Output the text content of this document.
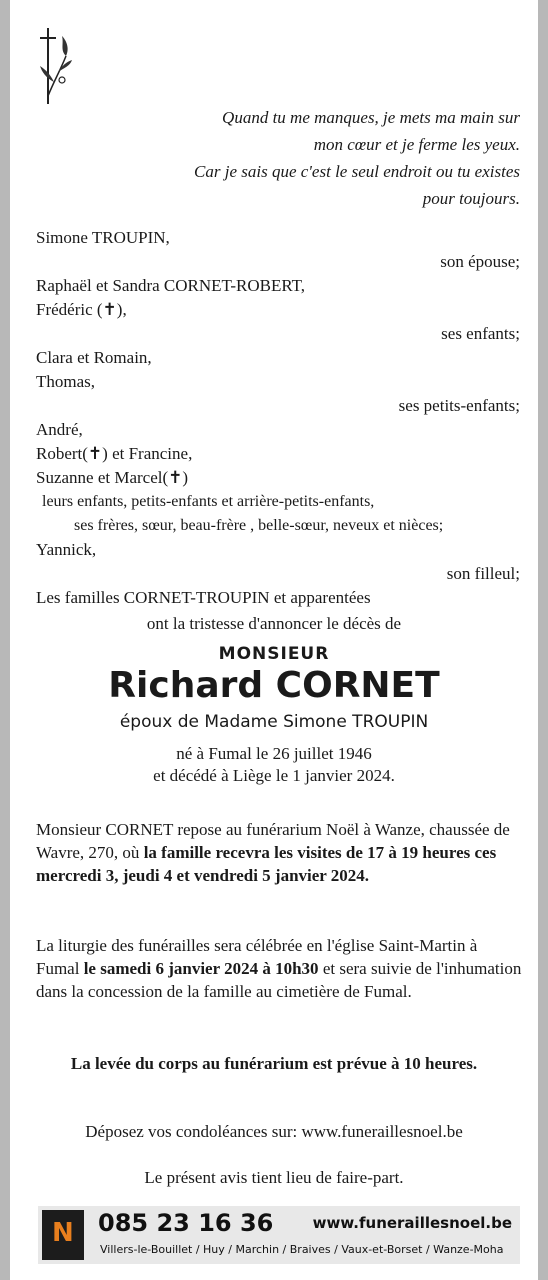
Quand tu me manques, je mets ma main sur
mon cœur et je ferme les yeux.
Car je sais que c'est le seul endroit ou tu existes
pour toujours.
Simone TROUPIN,
son épouse;
Raphaël et Sandra CORNET-ROBERT,
Frédéric (✝),
ses enfants;
Clara et Romain,
Thomas,
ses petits-enfants;
André,
Robert(✝) et Francine,
Suzanne et Marcel(✝)
leurs enfants, petits-enfants et arrière-petits-enfants,
ses frères, sœur, beau-frère , belle-sœur, neveux et nièces;
Yannick,
son filleul;
Les familles CORNET-TROUPIN et apparentées
ont la tristesse d'annoncer le décès de
MONSIEUR
Richard CORNET
époux de Madame Simone TROUPIN
né à Fumal le 26 juillet 1946
et décédé à Liège le 1 janvier 2024.
Monsieur CORNET repose au funérarium Noël à Wanze, chaussée de Wavre, 270, où la famille recevra les visites de 17 à 19 heures ces mercredi 3, jeudi 4 et vendredi 5 janvier 2024.
La liturgie des funérailles sera célébrée en l'église Saint-Martin à Fumal le samedi 6 janvier 2024 à 10h30 et sera suivie de l'inhumation dans la concession de la famille au cimetière de Fumal.
La levée du corps au funérarium est prévue à 10 heures.
Déposez vos condoléances sur: www.funeraillesnoel.be
Le présent avis tient lieu de faire-part.
N 085 23 16 36	www.funeraillesnoel.be
Villers-le-Bouillet / Huy / Marchin / Braives / Vaux-et-Borset / Wanze-Moha
